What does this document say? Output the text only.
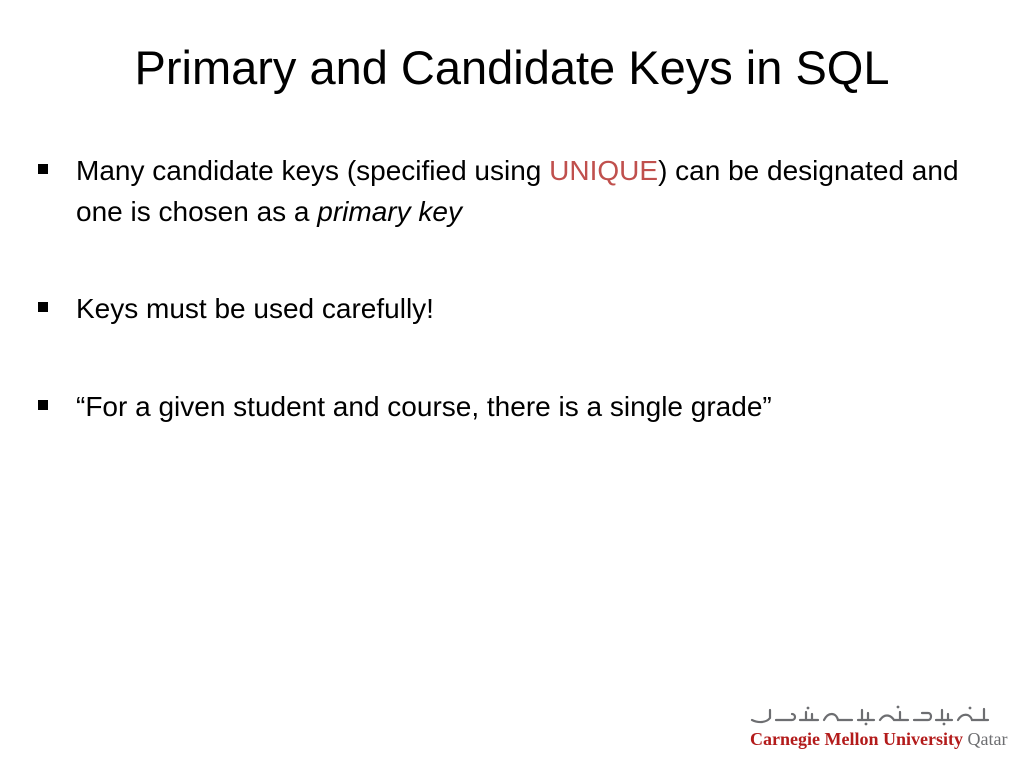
Primary and Candidate Keys in SQL
Many candidate keys (specified using UNIQUE) can be designated and one is chosen as a primary key
Keys must be used carefully!
“For a given student and course, there is a single grade”
Carnegie Mellon University Qatar
